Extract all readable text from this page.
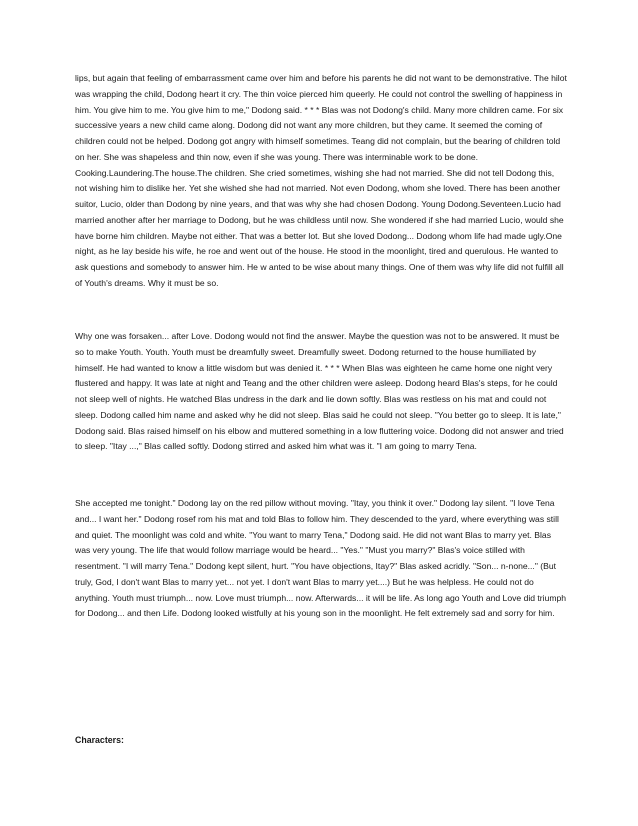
lips, but again that feeling of embarrassment came over him and before his parents he did not want to be demonstrative. The hilot was wrapping the child, Dodong heart it cry. The thin voice pierced him queerly. He could not control the swelling of happiness in him. You give him to me. You give him to me," Dodong said. * * * Blas was not Dodong's child. Many more children came. For six successive years a new child came along. Dodong did not want any more children, but they came. It seemed the coming of children could not be helped. Dodong got angry with himself sometimes. Teang did not complain, but the bearing of children told on her. She was shapeless and thin now, even if she was young. There was interminable work to be done. Cooking.Laundering.The house.The children. She cried sometimes, wishing she had not married. She did not tell Dodong this, not wishing him to dislike her. Yet she wished she had not married. Not even Dodong, whom she loved. There has been another suitor, Lucio, older than Dodong by nine years, and that was why she had chosen Dodong. Young Dodong.Seventeen.Lucio had married another after her marriage to Dodong, but he was childless until now. She wondered if she had married Lucio, would she have borne him children. Maybe not either. That was a better lot. But she loved Dodong... Dodong whom life had made ugly.One night, as he lay beside his wife, he roe and went out of the house. He stood in the moonlight, tired and querulous. He wanted to ask questions and somebody to answer him. He w anted to be wise about many things. One of them was why life did not fulfill all of Youth's dreams. Why it must be so.

Why one was forsaken... after Love. Dodong would not find the answer. Maybe the question was not to be answered. It must be so to make Youth. Youth. Youth must be dreamfully sweet. Dreamfully sweet. Dodong returned to the house humiliated by himself. He had wanted to know a little wisdom but was denied it. * * * When Blas was eighteen he came home one night very flustered and happy. It was late at night and Teang and the other children were asleep. Dodong heard Blas's steps, for he could not sleep well of nights. He watched Blas undress in the dark and lie down softly. Blas was restless on his mat and could not sleep. Dodong called him name and asked why he did not sleep. Blas said he could not sleep. "You better go to sleep. It is late," Dodong said. Blas raised himself on his elbow and muttered something in a low fluttering voice. Dodong did not answer and tried to sleep. "Itay ...," Blas called softly. Dodong stirred and asked him what was it. "I am going to marry Tena.

She accepted me tonight." Dodong lay on the red pillow without moving. "Itay, you think it over." Dodong lay silent. "I love Tena and... I want her." Dodong rosef rom his mat and told Blas to follow him. They descended to the yard, where everything was still and quiet. The moonlight was cold and white. "You want to marry Tena," Dodong said. He did not want Blas to marry yet. Blas was very young. The life that would follow marriage would be heard... "Yes." "Must you marry?" Blas's voice stilled with resentment. "I will marry Tena." Dodong kept silent, hurt. "You have objections, Itay?" Blas asked acridly. "Son... n-none..." (But truly, God, I don't want Blas to marry yet... not yet. I don't want Blas to marry yet....) But he was helpless. He could not do anything. Youth must triumph... now. Love must triumph... now. Afterwards... it will be life. As long ago Youth and Love did triumph for Dodong... and then Life. Dodong looked wistfully at his young son in the moonlight. He felt extremely sad and sorry for him.

Characters:
